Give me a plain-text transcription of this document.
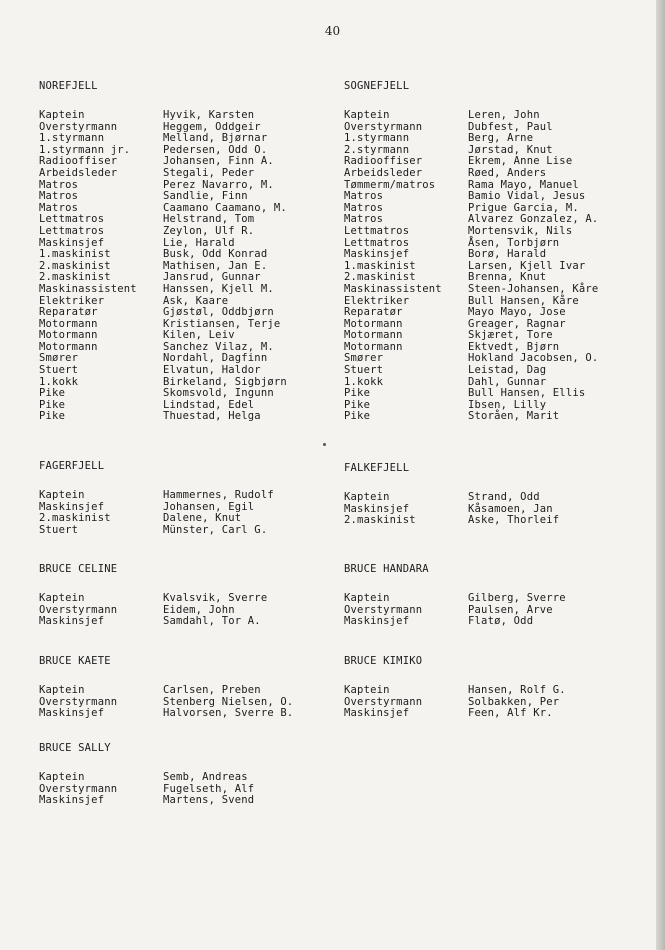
40
NOREFJELL
Kaptein	Hyvik, Karsten
Overstyrmann	Heggem, Oddgeir
1.styrmann	Melland, Bjørnar
1.styrmann jr.	Pedersen, Odd O.
Radiooffiser	Johansen, Finn A.
Arbeidsleder	Stegali, Peder
Matros	Perez Navarro, M.
Matros	Sandlie, Finn
Matros	Caamano Caamano, M.
Lettmatros	Helstrand, Tom
Lettmatros	Zeylon, Ulf R.
Maskinsjef	Lie, Harald
1.maskinist	Busk, Odd Konrad
2.maskinist	Mathisen, Jan E.
2.maskinist	Jansrud, Gunnar
Maskinassistent	Hanssen, Kjell M.
Elektriker	Ask, Kaare
Reparatør	Gjøstøl, Oddbjørn
Motormann	Kristiansen, Terje
Motormann	Kilen, Leiv
Motormann	Sanchez Vilaz, M.
Smører	Nordahl, Dagfinn
Stuert	Elvatun, Haldor
1.kokk	Birkeland, Sigbjørn
Pike	Skomsvold, Ingunn
Pike	Lindstad, Edel
Pike	Thuestad, Helga
FAGERFJELL
Kaptein	Hammernes, Rudolf
Maskinsjef	Johansen, Egil
2.maskinist	Dalene, Knut
Stuert	Münster, Carl G.
BRUCE CELINE
Kaptein	Kvalsvik, Sverre
Overstyrmann	Eidem, John
Maskinsjef	Samdahl, Tor A.
BRUCE KAETE
Kaptein	Carlsen, Preben
Overstyrmann	Stenberg Nielsen, O.
Maskinsjef	Halvorsen, Sverre B.
BRUCE SALLY
Kaptein	Semb, Andreas
Overstyrmann	Fugelseth, Alf
Maskinsjef	Martens, Svend
SOGNEFJELL
Kaptein	Leren, John
Overstyrmann	Dubfest, Paul
1.styrmann	Berg, Arne
2.styrmann	Jørstad, Knut
Radiooffiser	Ekrem, Anne Lise
Arbeidsleder	Røed, Anders
Tømmerm/matros	Rama Mayo, Manuel
Matros	Bamio Vidal, Jesus
Matros	Prigue Garcia, M.
Matros	Alvarez Gonzalez, A.
Lettmatros	Mortensvik, Nils
Lettmatros	Åsen, Torbjørn
Maskinsjef	Borø, Harald
1.maskinist	Larsen, Kjell Ivar
2.maskinist	Brenna, Knut
Maskinassistent	Steen-Johansen, Kåre
Elektriker	Bull Hansen, Kåre
Reparatør	Mayo Mayo, Jose
Motormann	Greager, Ragnar
Motormann	Skjæret, Tore
Motormann	Ektvedt, Bjørn
Smører	Hokland Jacobsen, O.
Stuert	Leistad, Dag
1.kokk	Dahl, Gunnar
Pike	Bull Hansen, Ellis
Pike	Ibsen, Lilly
Pike	Storåen, Marit
FALKEFJELL
Kaptein	Strand, Odd
Maskinsjef	Kåsamoen, Jan
2.maskinist	Aske, Thorleif
BRUCE HANDARA
Kaptein	Gilberg, Sverre
Overstyrmann	Paulsen, Arve
Maskinsjef	Flatø, Odd
BRUCE KIMIKO
Kaptein	Hansen, Rolf G.
Overstyrmann	Solbakken, Per
Maskinsjef	Feen, Alf Kr.
